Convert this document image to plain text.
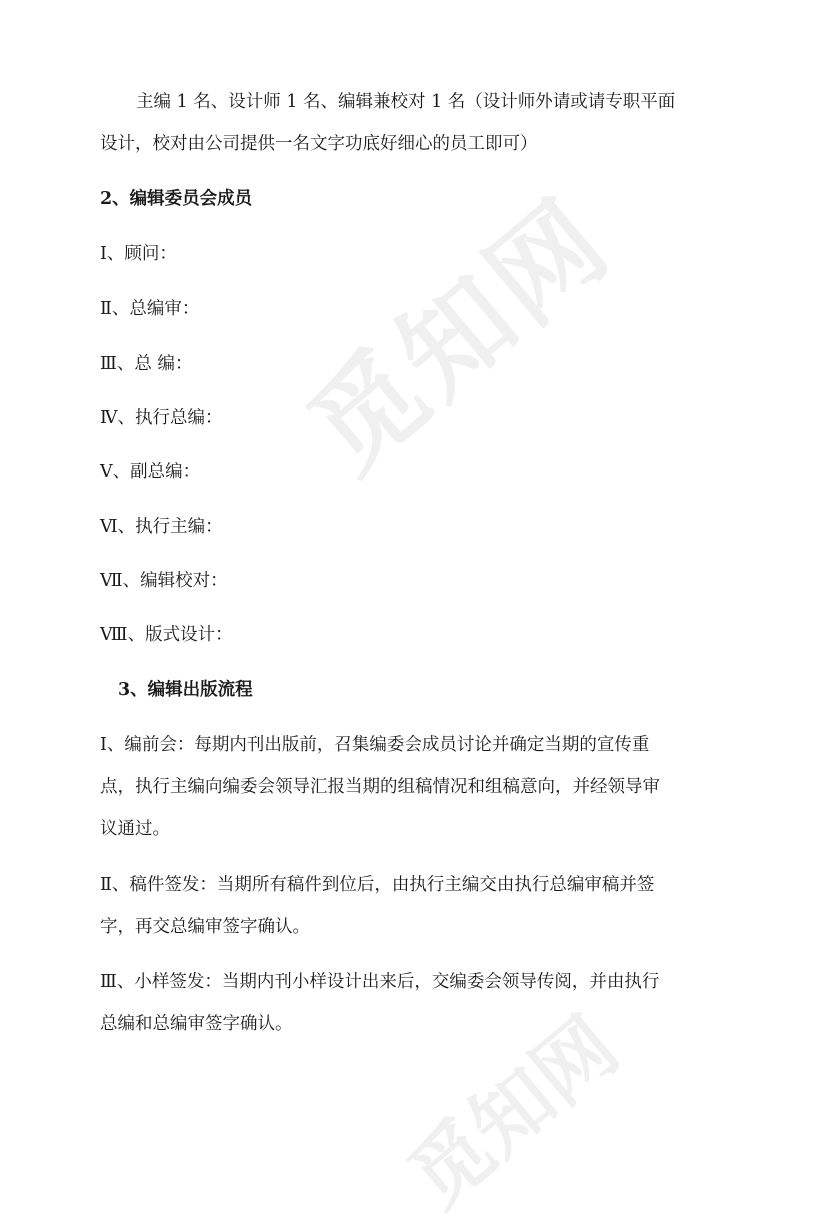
觅知网
觅知网
主编 1 名、设计师 1 名、编辑兼校对 1 名（设计师外请或请专职平面
设计，校对由公司提供一名文字功底好细心的员工即可）
2、编辑委员会成员
Ⅰ、顾问：
Ⅱ、总编审：
Ⅲ、总 编：
Ⅳ、执行总编：
Ⅴ、副总编：
Ⅵ、执行主编：
Ⅶ、编辑校对：
Ⅷ、版式设计：
3、编辑出版流程
Ⅰ、编前会：每期内刊出版前，召集编委会成员讨论并确定当期的宣传重
点，执行主编向编委会领导汇报当期的组稿情况和组稿意向，并经领导审
议通过。
Ⅱ、稿件签发：当期所有稿件到位后，由执行主编交由执行总编审稿并签
字，再交总编审签字确认。
Ⅲ、小样签发：当期内刊小样设计出来后，交编委会领导传阅，并由执行
总编和总编审签字确认。
